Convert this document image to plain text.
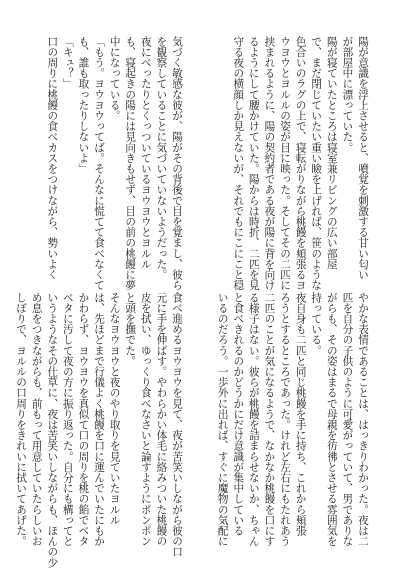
陽が意識を浮上させると、噴覚を刺激する甘い匂い
が部屋中に漂っていた。
陽が寝ていたところは寝室兼リビングの広い部屋
で、まだ閉じていたい重い瞼を上げれば、笹のような
色合いのラグの上で、寝転がりながら桃饅を頬張るヨ
ウヨウとヨルルの姿が目に映った。そしてその二匹に
挟まれるように、陽の契約者である夜が陽に背を向け
るようにして腰かけていた。陽からは時折、二匹を見
守る夜の横顔しか見えないが、それでもにこにこと穏
気づく敏感な彼が、陽がその背後で目を覚まし、彼ら
を観察していることに気づいていないようだった。
夜にべったりとくっついているヨウヨウとヨルル
も、寝起きの陽には見向きもせず、目の前の桃饅に夢
中になっている。
「もう。ヨウヨウってば。そんなに慌てて食べなくて
も、誰も取ったりしないよ」
「キュ？」
口の周りに桃饅の食べカスをつけながら、勢いよく
やかな表情であることは、はっきりわかった。夜は二
匹を自分の子供のように可愛がっていて、男でありな
がらも、その姿はまるで母親を彷彿とさせる雰囲気を
持っている。
夜自身も二匹と同じ桃饅を手に持ち、これから頬張
ろうとするところであった。けれど左右にもたれあう
二匹のことが気になるようで、なかなか桃饅を口にす
る様子はない。彼らが桃饅を詰まらせないか、ちゃん
と食べきれるのかどうかにだけ意識が集中している
いるのだろう。一歩外に出れば、すぐに魔物の気配に
食べ進めるヨウヨウを見て、夜が苦笑いしながら彼の口
元に手を伸ばす。やわらかい体毛に絡みついた桃饅の
皮を拭い、ゆっくり食べなさいと論すようにポンポン
と頭を撫でた。
そんなヨウヨウと夜のやり取りを見ていたヨルル
は、先ほどまで行儀よく桃饅を口に運んでいたにもか
かわらず、ヨウヨウを真似て口の周りを桃の餡でベタ
ベタに汚して夜の方に振り返った。自分にも構ってと
いうようなその仕草に、夜は苦笑いしながらも、ほんの少
め息をつきながらも、前もって用意していたらしいお
しぼりで、ヨルルの口周りをきれいに拭いてあげた。
